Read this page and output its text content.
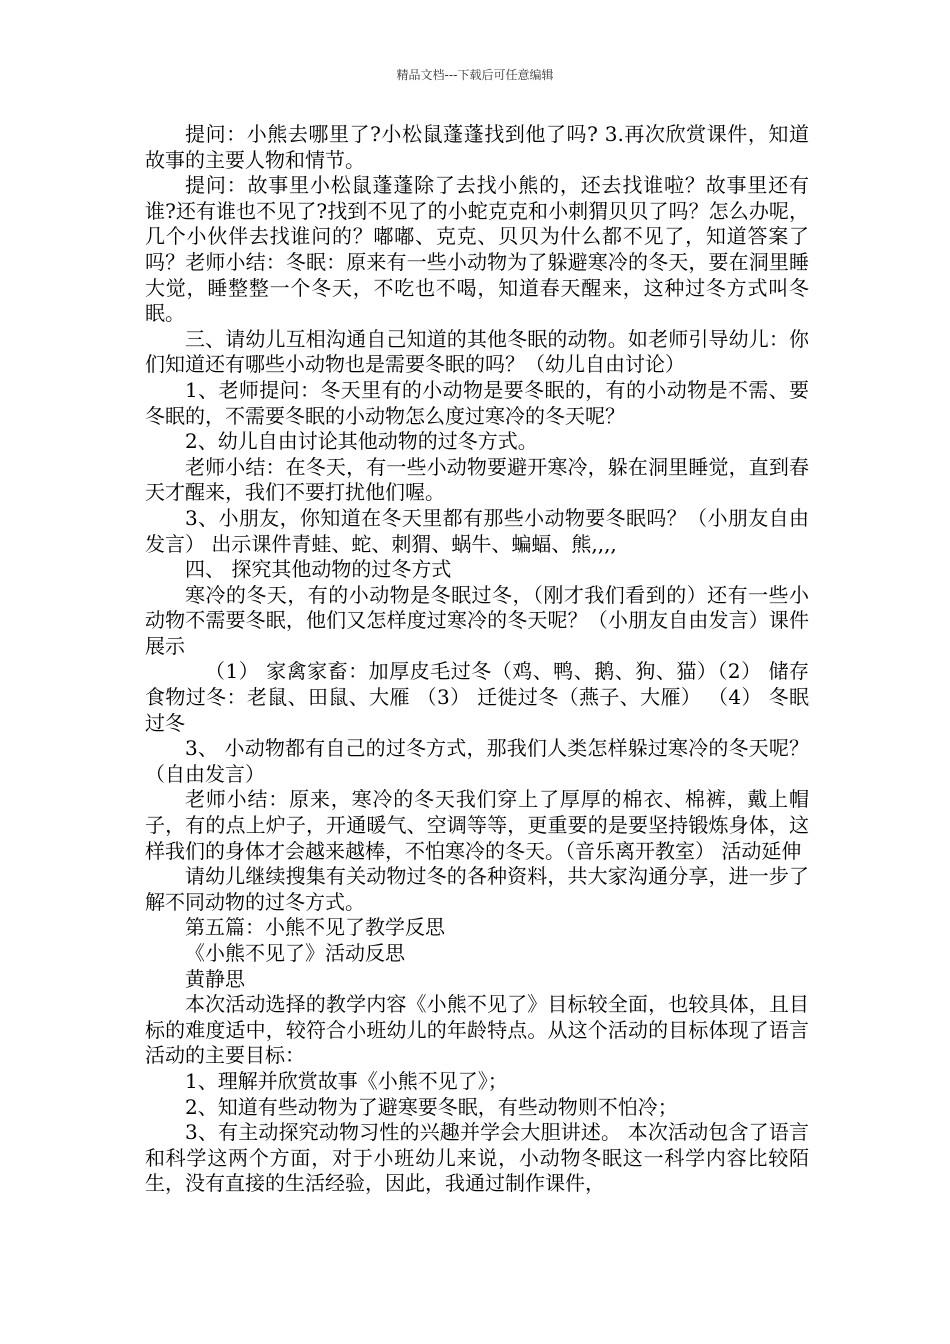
精品文档---下载后可任意编辑

提问：小熊去哪里了?小松鼠蓬蓬找到他了吗? 3.再次欣赏课件，知道故事的主要人物和情节。

提问：故事里小松鼠蓬蓬除了去找小熊的，还去找谁啦？故事里还有谁?还有谁也不见了?找到不见了的小蛇克克和小刺猬贝贝了吗？怎么办呢，几个小伙伴去找谁问的？嘟嘟、克克、贝贝为什么都不见了，知道答案了吗？老师小结：冬眠：原来有一些小动物为了躲避寒冷的冬天，要在洞里睡大觉，睡整整一个冬天，不吃也不喝，知道春天醒来，这种过冬方式叫冬眠。

三、请幼儿互相沟通自己知道的其他冬眠的动物。如老师引导幼儿：你们知道还有哪些小动物也是需要冬眠的吗？（幼儿自由讨论）

1、老师提问：冬天里有的小动物是要冬眠的，有的小动物是不需、要冬眠的，不需要冬眠的小动物怎么度过寒冷的冬天呢？

2、幼儿自由讨论其他动物的过冬方式。

老师小结：在冬天，有一些小动物要避开寒冷，躲在洞里睡觉，直到春天才醒来，我们不要打扰他们喔。

3、小朋友，你知道在冬天里都有那些小动物要冬眠吗？（小朋友自由发言） 出示课件青蛙、蛇、刺猬、蜗牛、蝙蝠、熊,,,,

四、 探究其他动物的过冬方式

寒冷的冬天，有的小动物是冬眠过冬，（刚才我们看到的）还有一些小动物不需要冬眠，他们又怎样度过寒冷的冬天呢？（小朋友自由发言）课件展示

（1） 家禽家畜：加厚皮毛过冬（鸡、鸭、鹅、狗、猫）（2） 储存食物过冬：老鼠、田鼠、大雁 （3） 迁徙过冬（燕子、大雁） （4） 冬眠过冬

3、 小动物都有自己的过冬方式，那我们人类怎样躲过寒冷的冬天呢？（自由发言）

老师小结：原来，寒冷的冬天我们穿上了厚厚的棉衣、棉裤，戴上帽子，有的点上炉子，开通暖气、空调等等，更重要的是要坚持锻炼身体，这样我们的身体才会越来越棒，不怕寒冷的冬天。（音乐离开教室） 活动延伸

请幼儿继续搜集有关动物过冬的各种资料，共大家沟通分享，进一步了解不同动物的过冬方式。

第五篇：小熊不见了教学反思

《小熊不见了》活动反思

黄静思

本次活动选择的教学内容《小熊不见了》目标较全面，也较具体，且目标的难度适中，较符合小班幼儿的年龄特点。从这个活动的目标体现了语言活动的主要目标：

1、理解并欣赏故事《小熊不见了》；

2、知道有些动物为了避寒要冬眠，有些动物则不怕冷；

3、有主动探究动物习性的兴趣并学会大胆讲述。 本次活动包含了语言和科学这两个方面，对于小班幼儿来说，小动物冬眠这一科学内容比较陌生，没有直接的生活经验，因此，我通过制作课件，
